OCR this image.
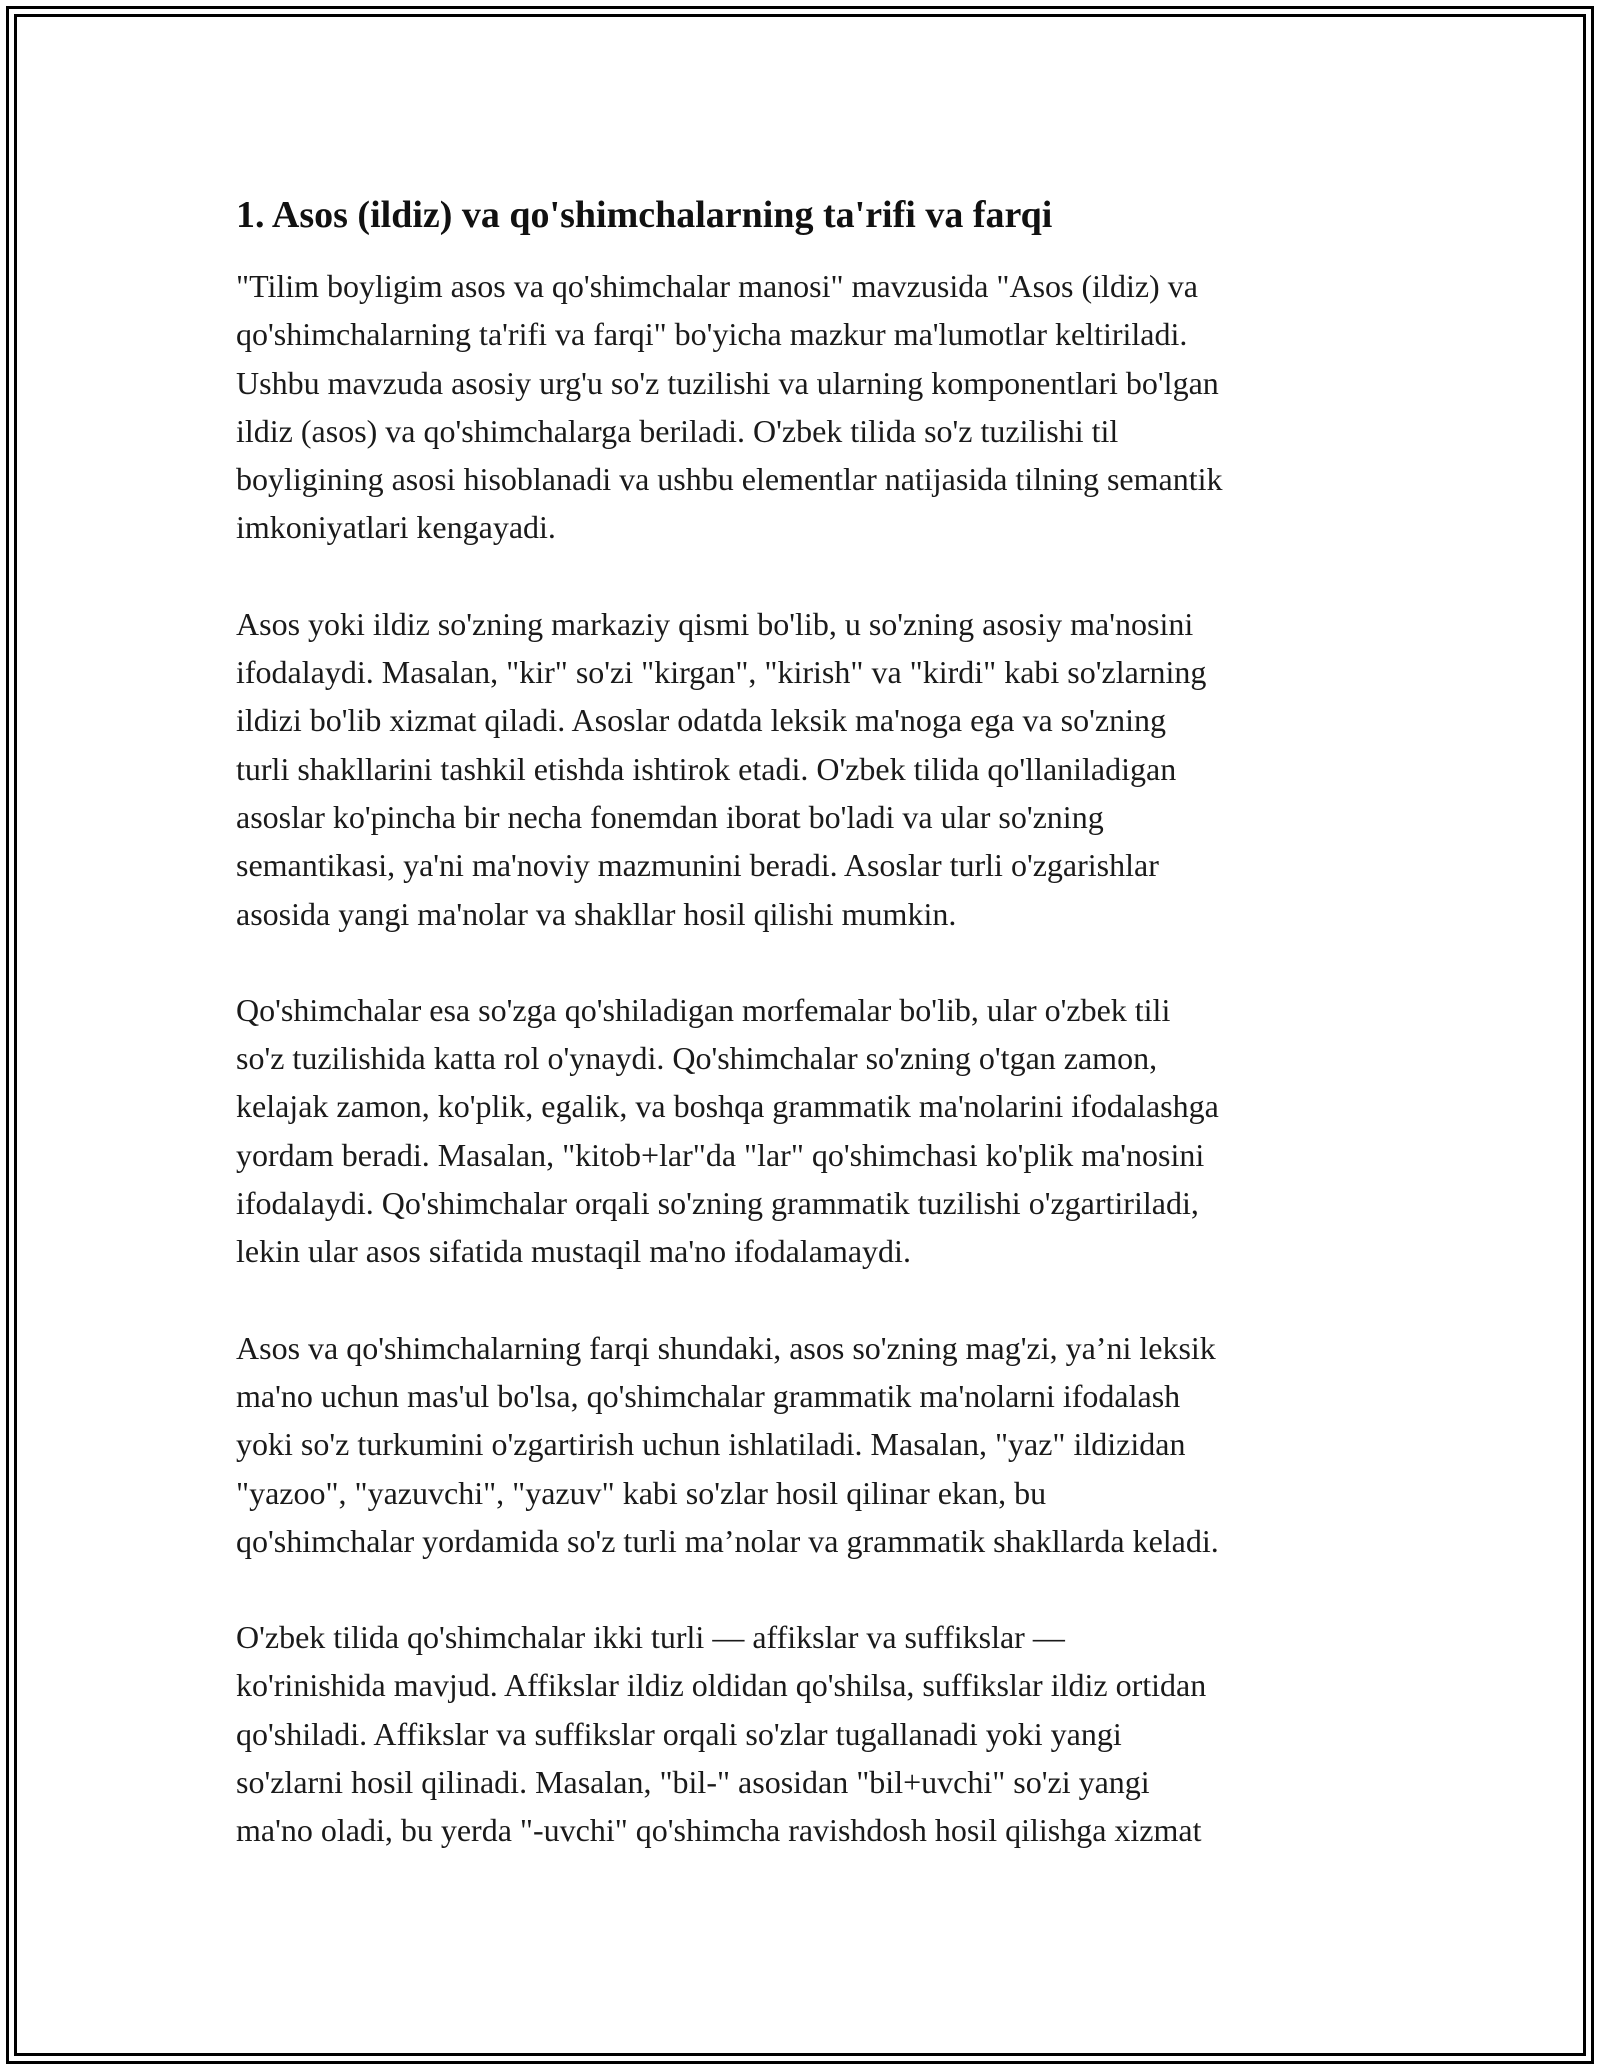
1. Asos (ildiz) va qo'shimchalarning ta'rifi va farqi

"Tilim boyligim asos va qo'shimchalar manosi" mavzusida "Asos (ildiz) va
qo'shimchalarning ta'rifi va farqi" bo'yicha mazkur ma'lumotlar keltiriladi.
Ushbu mavzuda asosiy urg'u so'z tuzilishi va ularning komponentlari bo'lgan
ildiz (asos) va qo'shimchalarga beriladi. O'zbek tilida so'z tuzilishi til
boyligining asosi hisoblanadi va ushbu elementlar natijasida tilning semantik
imkoniyatlari kengayadi.

Asos yoki ildiz so'zning markaziy qismi bo'lib, u so'zning asosiy ma'nosini
ifodalaydi. Masalan, "kir" so'zi "kirgan", "kirish" va "kirdi" kabi so'zlarning
ildizi bo'lib xizmat qiladi. Asoslar odatda leksik ma'noga ega va so'zning
turli shakllarini tashkil etishda ishtirok etadi. O'zbek tilida qo'llaniladigan
asoslar ko'pincha bir necha fonemdan iborat bo'ladi va ular so'zning
semantikasi, ya'ni ma'noviy mazmunini beradi. Asoslar turli o'zgarishlar
asosida yangi ma'nolar va shakllar hosil qilishi mumkin.

Qo'shimchalar esa so'zga qo'shiladigan morfemalar bo'lib, ular o'zbek tili
so'z tuzilishida katta rol o'ynaydi. Qo'shimchalar so'zning o'tgan zamon,
kelajak zamon, ko'plik, egalik, va boshqa grammatik ma'nolarini ifodalashga
yordam beradi. Masalan, "kitob+lar"da "lar" qo'shimchasi ko'plik ma'nosini
ifodalaydi. Qo'shimchalar orqali so'zning grammatik tuzilishi o'zgartiriladi,
lekin ular asos sifatida mustaqil ma'no ifodalamaydi.

Asos va qo'shimchalarning farqi shundaki, asos so'zning mag'zi, ya’ni leksik
ma'no uchun mas'ul bo'lsa, qo'shimchalar grammatik ma'nolarni ifodalash
yoki so'z turkumini o'zgartirish uchun ishlatiladi. Masalan, "yaz" ildizidan
"yazoo", "yazuvchi", "yazuv" kabi so'zlar hosil qilinar ekan, bu
qo'shimchalar yordamida so'z turli ma’nolar va grammatik shakllarda keladi.

O'zbek tilida qo'shimchalar ikki turli — affikslar va suffikslar —
ko'rinishida mavjud. Affikslar ildiz oldidan qo'shilsa, suffikslar ildiz ortidan
qo'shiladi. Affikslar va suffikslar orqali so'zlar tugallanadi yoki yangi
so'zlarni hosil qilinadi. Masalan, "bil-" asosidan "bil+uvchi" so'zi yangi
ma'no oladi, bu yerda "-uvchi" qo'shimcha ravishdosh hosil qilishga xizmat
